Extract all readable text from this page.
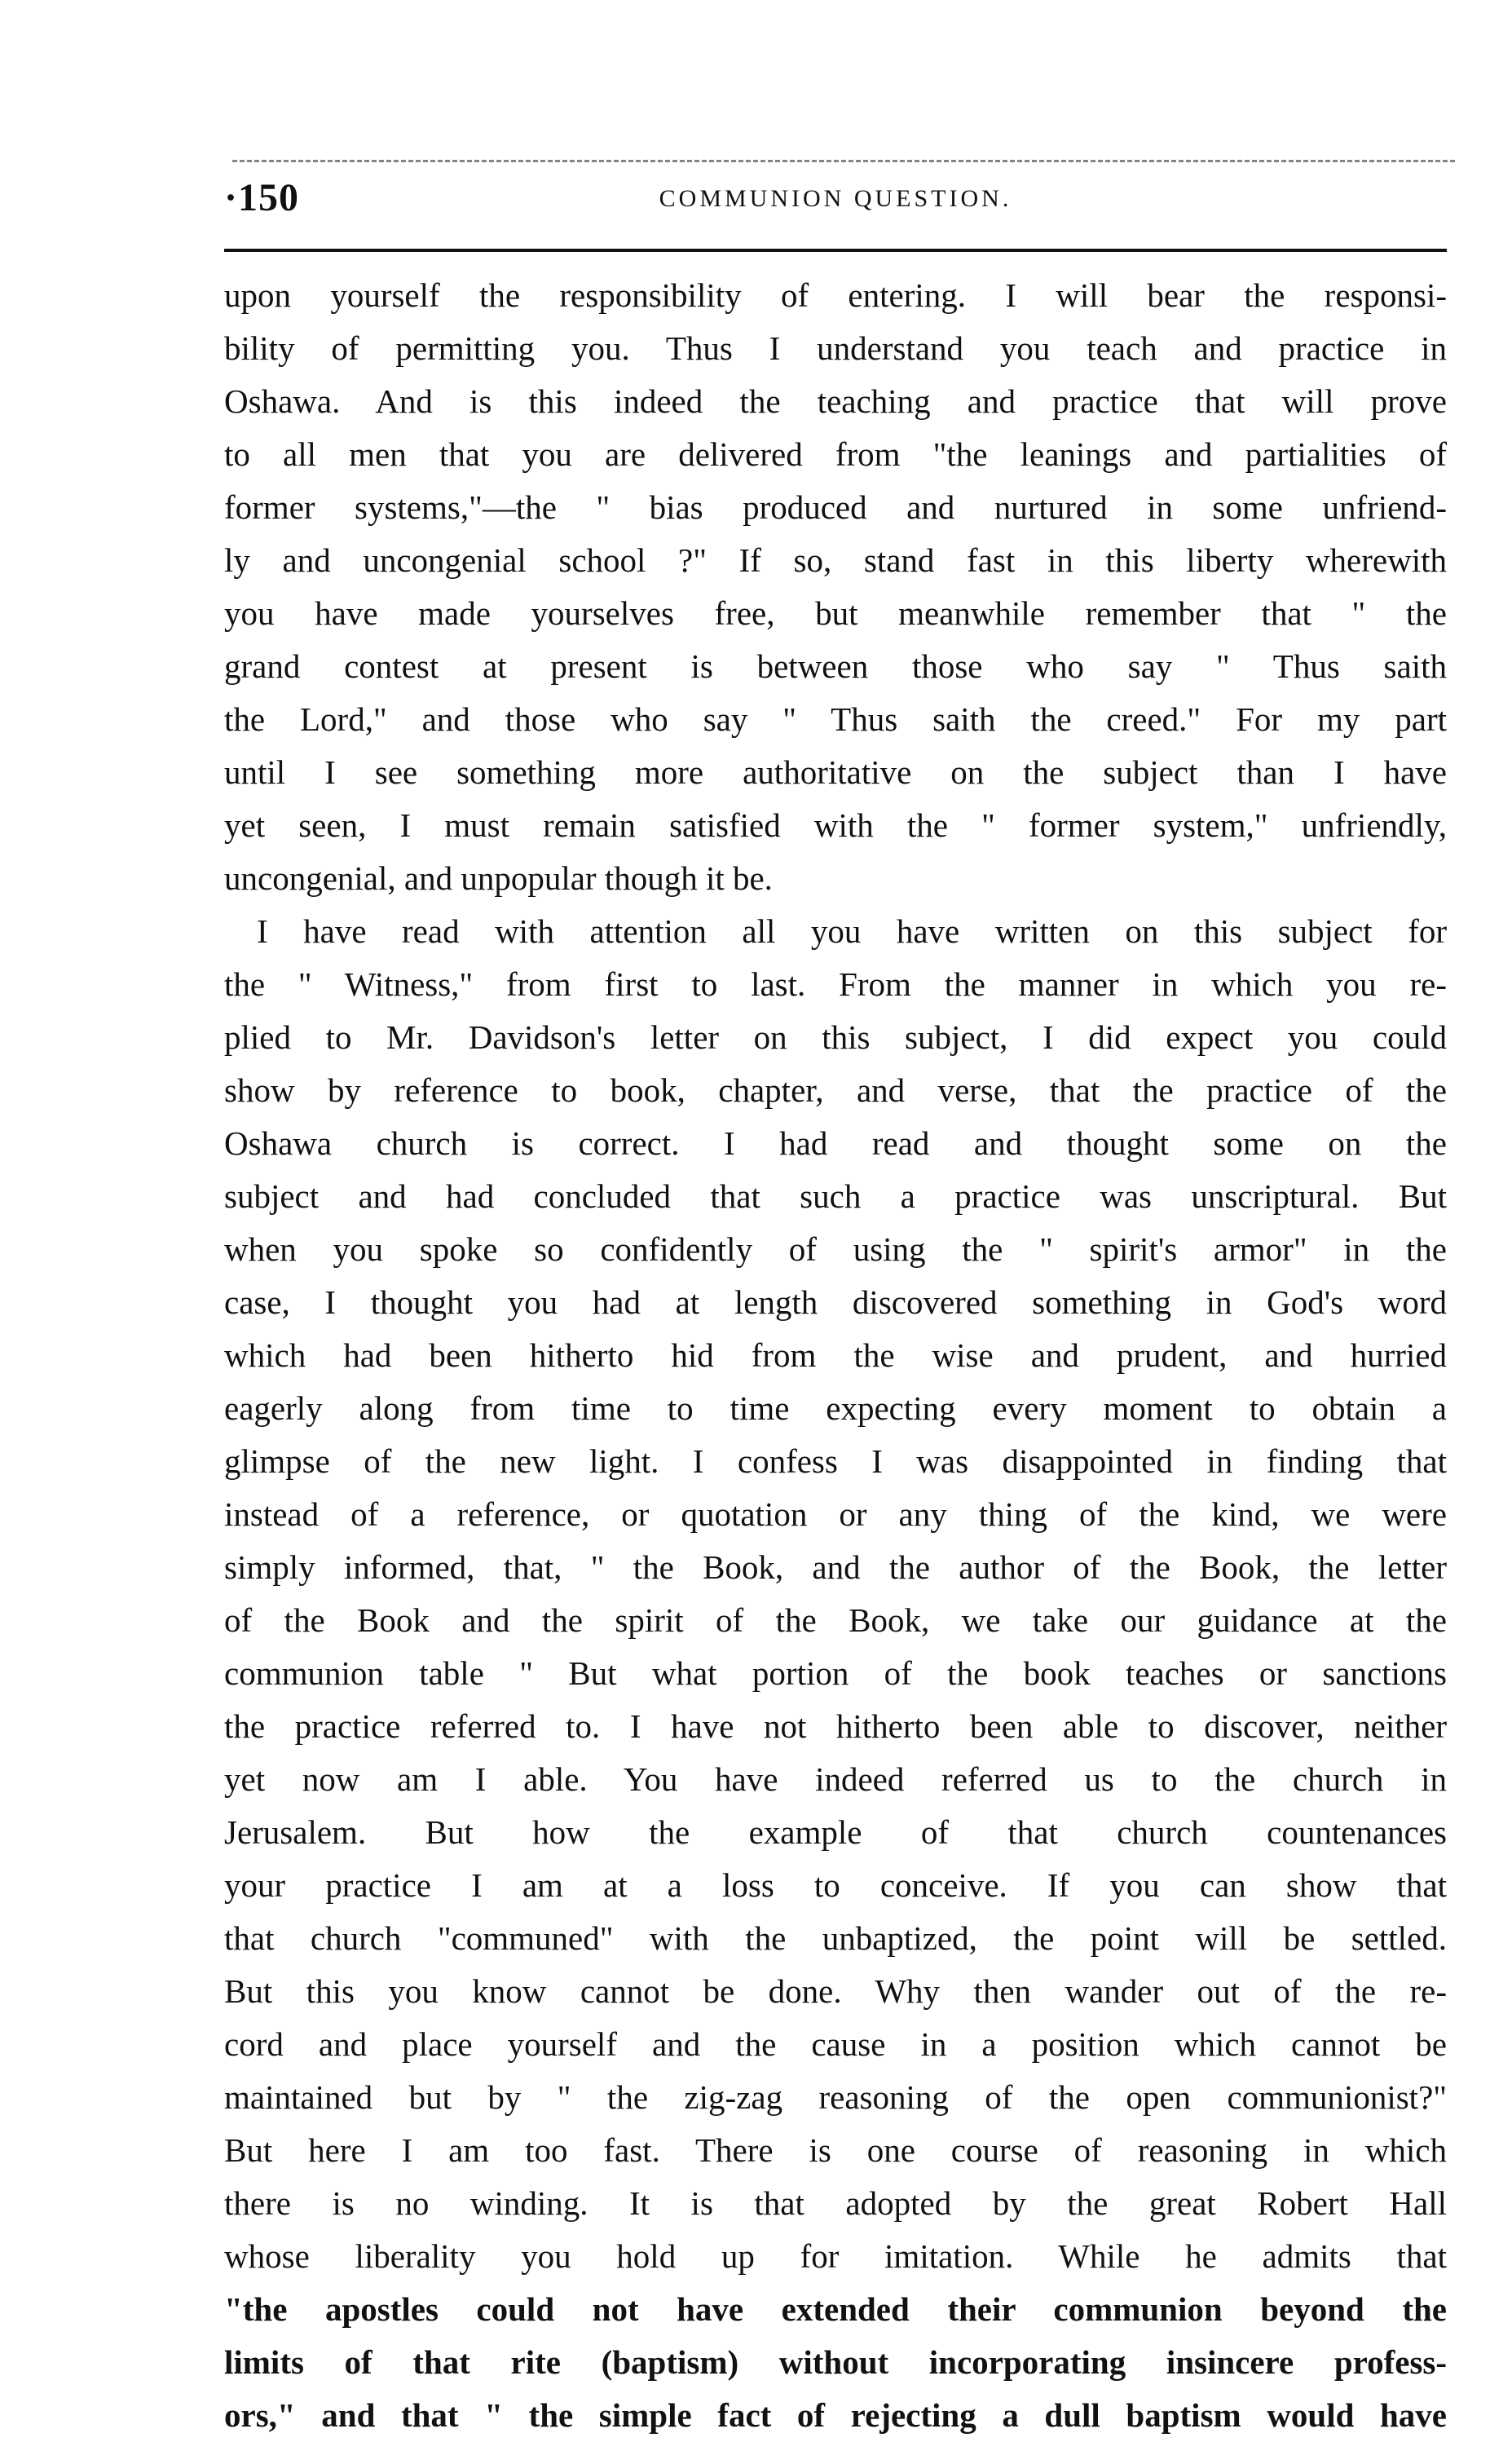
·150	COMMUNION QUESTION.
upon yourself the responsibility of entering. I will bear the responsi-
bility of permitting you. Thus I understand you teach and practice in
Oshawa. And is this indeed the teaching and practice that will prove
to all men that you are delivered from "the leanings and partialities of
former systems,"—the " bias produced and nurtured in some unfriend-
ly and uncongenial school ?" If so, stand fast in this liberty wherewith
you have made yourselves free, but meanwhile remember that " the
grand contest at present is between those who say " Thus saith
the Lord," and those who say " Thus saith the creed." For my part
until I see something more authoritative on the subject than I have
yet seen, I must remain satisfied with the " former system," unfriendly,
uncongenial, and unpopular though it be.
I have read with attention all you have written on this subject for
the " Witness," from first to last. From the manner in which you re-
plied to Mr. Davidson's letter on this subject, I did expect you could
show by reference to book, chapter, and verse, that the practice of the
Oshawa church is correct. I had read and thought some on the
subject and had concluded that such a practice was unscriptural. But
when you spoke so confidently of using the " spirit's armor" in the
case, I thought you had at length discovered something in God's word
which had been hitherto hid from the wise and prudent, and hurried
eagerly along from time to time expecting every moment to obtain a
glimpse of the new light. I confess I was disappointed in finding that
instead of a reference, or quotation or any thing of the kind, we were
simply informed, that, " the Book, and the author of the Book, the letter
of the Book and the spirit of the Book, we take our guidance at the
communion table " But what portion of the book teaches or sanctions
the practice referred to. I have not hitherto been able to discover, neither
yet now am I able. You have indeed referred us to the church in
Jerusalem. But how the example of that church countenances
your practice I am at a loss to conceive. If you can show that
that church "communed" with the unbaptized, the point will be settled.
But this you know cannot be done. Why then wander out of the re-
cord and place yourself and the cause in a position which cannot be
maintained but by " the zig-zag reasoning of the open communionist?"
But here I am too fast. There is one course of reasoning in which
there is no winding. It is that adopted by the great Robert Hall
whose liberality you hold up for imitation. While he admits that
"the apostles could not have extended their communion beyond the
limits of that rite (baptism) without incorporating insincere profess-
ors," and that " the simple fact of rejecting a dull baptism would have
